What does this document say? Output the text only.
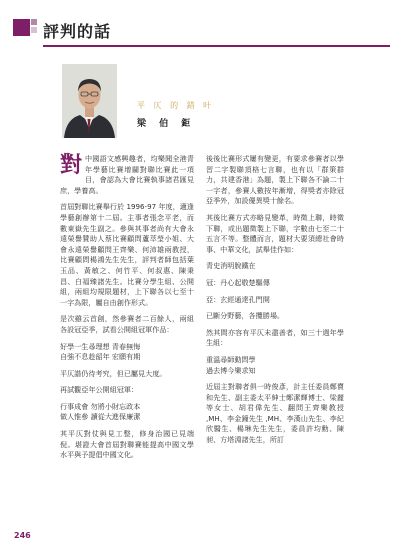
評判的話
平 仄 的 錯 叶
梁 伯 鉅

對中國語文感興趣者，均樂聞全港青年學藝比賽增闢對聯比賽此一項目，會認為大會比賽執事諸君匯見庶，學養高。

首屆對聯比賽舉行於 1996-97 年度，適逢學藝創辦第十二屆。主事者張念平老，而數東嶽先生副之。參與其事者尚有大會永遠榮譽贊助人蔡比賽顧問蘆萃瑩小姐、大會永遠榮譽顧問王齊樂、何沛雄兩教授，比賽顧問楊鴻先生先生，評判者師包括葉玉品、黃敏之、何竹平、何叔惠、陳秉昌、白福臻諸先生。比賽分學生組、公開組，兩組均規限題材，上下聯各以七至十一字為限，屬自由創作形式。

是次雖云首創，然參賽者二百餘人，兩組各設冠亞季，試看公開組冠軍作品：

好學一生尋理想 青春無悔
自強不息趁韶年 宏願有期

平仄諧仍待考究，但已屬見大度。

再試觀亞年公開組冠軍：

行事成會 勿將小財忘政本
做人惟參 讀從大進保廉潔

其平仄對仗與見工整，修身治國已見端倪。堪證大會首屆對聯賽能提高中國文學水平與予提倡中國文化。

後後比賽形式屢有變更，有要求參賽者以學習二字製聯頂格七言聯，也有以「群策群力，共建香港」為題，製上下聯各不論二十一字者，參賽人數按年漸增，得獎者亦除冠亞季外，加設優異獎十餘名。

其後比賽方式亦略見變革，時徵上聯，時徵下聯，或出題徵製上下聯，字數由七至二十五言不等。整體而言，題材大要須總社會時事、中華文化，試舉佳作如：

青史消明脫鐵在

冠：丹心起敬楚驅傳

亞：玄經通達孔門開

已斷分野藝，各攬勝場。

然其間亦容有平仄未盡善者，如三十週年學生組：

重溫尋師動問學
過去博今樂求知

近屆主對聯者俱一時俊彥，計主任委員鄭賣和先生、副主委太平紳士鄭潔輝博士、梁麗等女士、胡君偉先生、翻問王齊樂教授 ,MH、李金鐘先生 ,MH、李漢山先生、李紀欣醫生、楊琳先生先生，委員許均勳、陳昶、方塔淵諸先生，所訂

246
